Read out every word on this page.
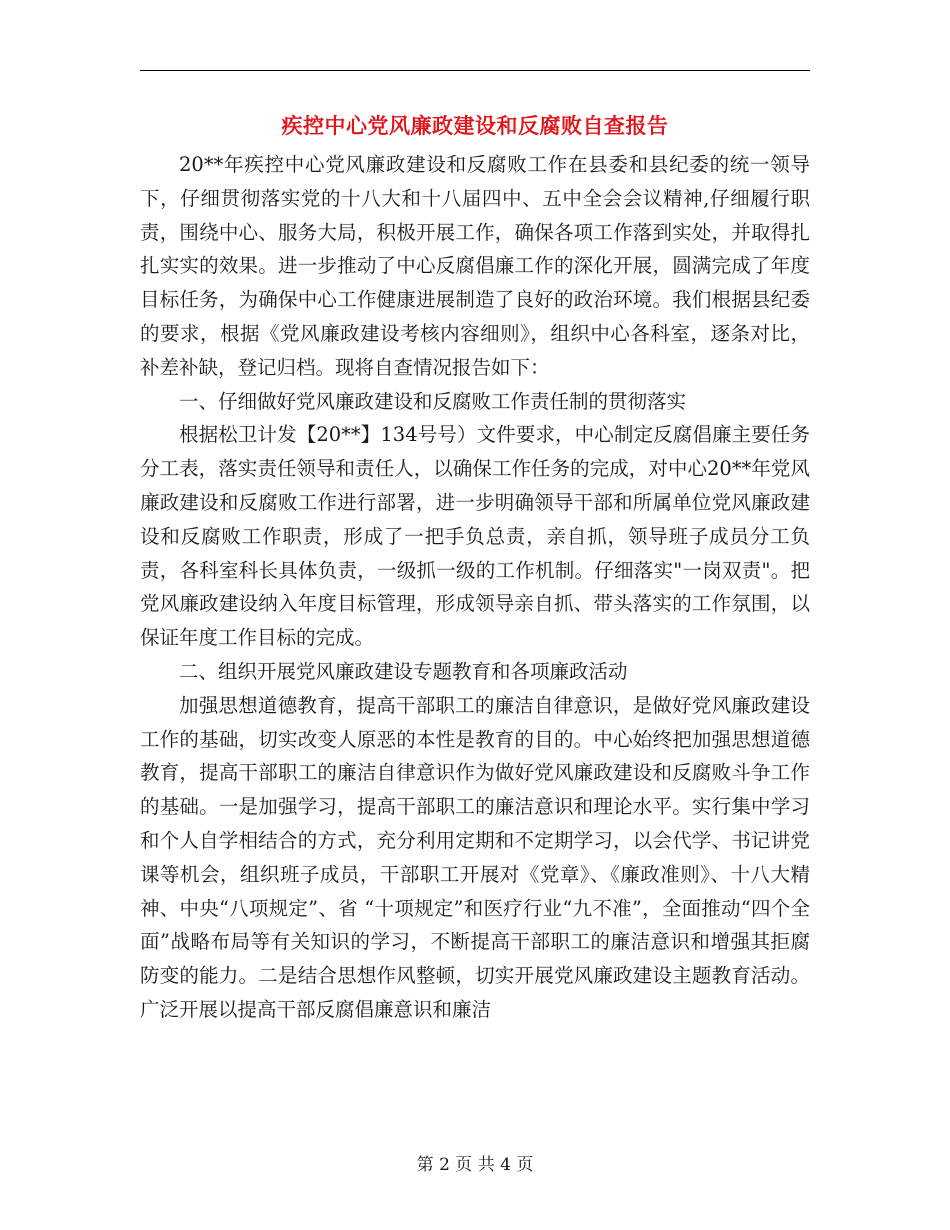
疾控中心党风廉政建设和反腐败自查报告

20**年疾控中心党风廉政建设和反腐败工作在县委和县纪委的统一领导下，仔细贯彻落实党的十八大和十八届四中、五中全会会议精神,仔细履行职责，围绕中心、服务大局，积极开展工作，确保各项工作落到实处，并取得扎扎实实的效果。进一步推动了中心反腐倡廉工作的深化开展，圆满完成了年度目标任务，为确保中心工作健康进展制造了良好的政治环境。我们根据县纪委的要求，根据《党风廉政建设考核内容细则》，组织中心各科室，逐条对比，补差补缺，登记归档。现将自查情况报告如下：

一、仔细做好党风廉政建设和反腐败工作责任制的贯彻落实

根据松卫计发【20**】134号号）文件要求，中心制定反腐倡廉主要任务分工表，落实责任领导和责任人，以确保工作任务的完成，对中心20**年党风廉政建设和反腐败工作进行部署，进一步明确领导干部和所属单位党风廉政建设和反腐败工作职责，形成了一把手负总责，亲自抓，领导班子成员分工负责，各科室科长具体负责，一级抓一级的工作机制。仔细落实"一岗双责"。把党风廉政建设纳入年度目标管理，形成领导亲自抓、带头落实的工作氛围，以保证年度工作目标的完成。

二、组织开展党风廉政建设专题教育和各项廉政活动

加强思想道德教育，提高干部职工的廉洁自律意识，是做好党风廉政建设工作的基础，切实改变人原恶的本性是教育的目的。中心始终把加强思想道德教育，提高干部职工的廉洁自律意识作为做好党风廉政建设和反腐败斗争工作的基础。一是加强学习，提高干部职工的廉洁意识和理论水平。实行集中学习和个人自学相结合的方式，充分利用定期和不定期学习，以会代学、书记讲党课等机会，组织班子成员，干部职工开展对《党章》、《廉政准则》、十八大精神、中央“八项规定”、省 “十项规定”和医疗行业“九不准”，全面推动“四个全面”战略布局等有关知识的学习，不断提高干部职工的廉洁意识和增强其拒腐防变的能力。二是结合思想作风整顿，切实开展党风廉政建设主题教育活动。广泛开展以提高干部反腐倡廉意识和廉洁

第 2 页 共 4 页
